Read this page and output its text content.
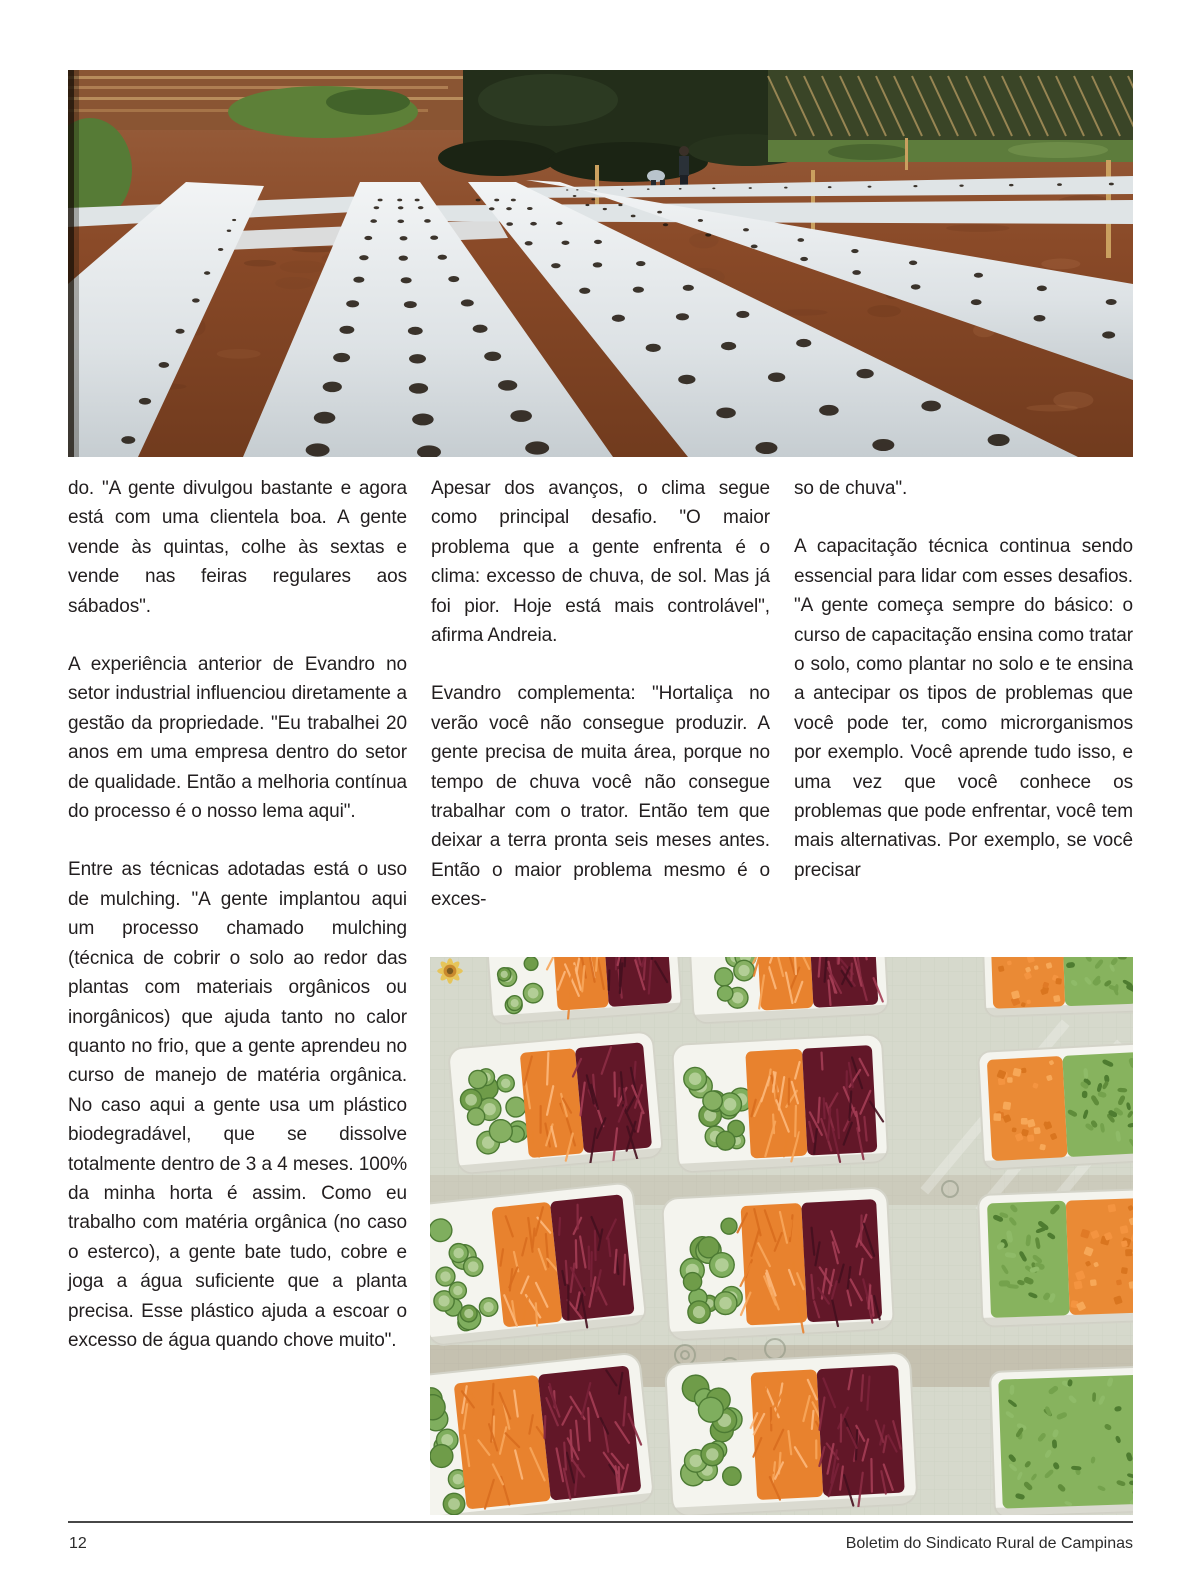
do. "A gente divulgou bastante e agora está com uma clientela boa. A gente vende às quintas, colhe às sextas e vende nas feiras regulares aos sábados".

A experiência anterior de Evandro no setor industrial influenciou diretamente a gestão da propriedade. "Eu trabalhei 20 anos em uma empresa dentro do setor de qualidade. Então a melhoria contínua do processo é o nosso lema aqui".

Entre as técnicas adotadas está o uso de mulching. "A gente implantou aqui um processo chamado mulching (técnica de cobrir o solo ao redor das plantas com materiais orgânicos ou inorgânicos) que ajuda tanto no calor quanto no frio, que a gente aprendeu no curso de manejo de matéria orgânica. No caso aqui a gente usa um plástico biodegradável, que se dissolve totalmente dentro de 3 a 4 meses. 100% da minha horta é assim. Como eu trabalho com matéria orgânica (no caso o esterco), a gente bate tudo, cobre e joga a água suficiente que a planta precisa. Esse plástico ajuda a escoar o excesso de água quando chove muito".

Apesar dos avanços, o clima segue como principal desafio. "O maior problema que a gente enfrenta é o clima: excesso de chuva, de sol. Mas já foi pior. Hoje está mais controlável", afirma Andreia.

Evandro complementa: "Hortaliça no verão você não consegue produzir. A gente precisa de muita área, porque no tempo de chuva você não consegue trabalhar com o trator. Então tem que deixar a terra pronta seis meses antes. Então o maior problema mesmo é o exces-

so de chuva".

A capacitação técnica continua sendo essencial para lidar com esses desafios. "A gente começa sempre do básico: o curso de capacitação ensina como tratar o solo, como plantar no solo e te ensina a antecipar os tipos de problemas que você pode ter, como microrganismos por exemplo. Você aprende tudo isso, e uma vez que você conhece os problemas que pode enfrentar, você tem mais alternativas. Por exemplo, se você precisar

12	Boletim do Sindicato Rural de Campinas
